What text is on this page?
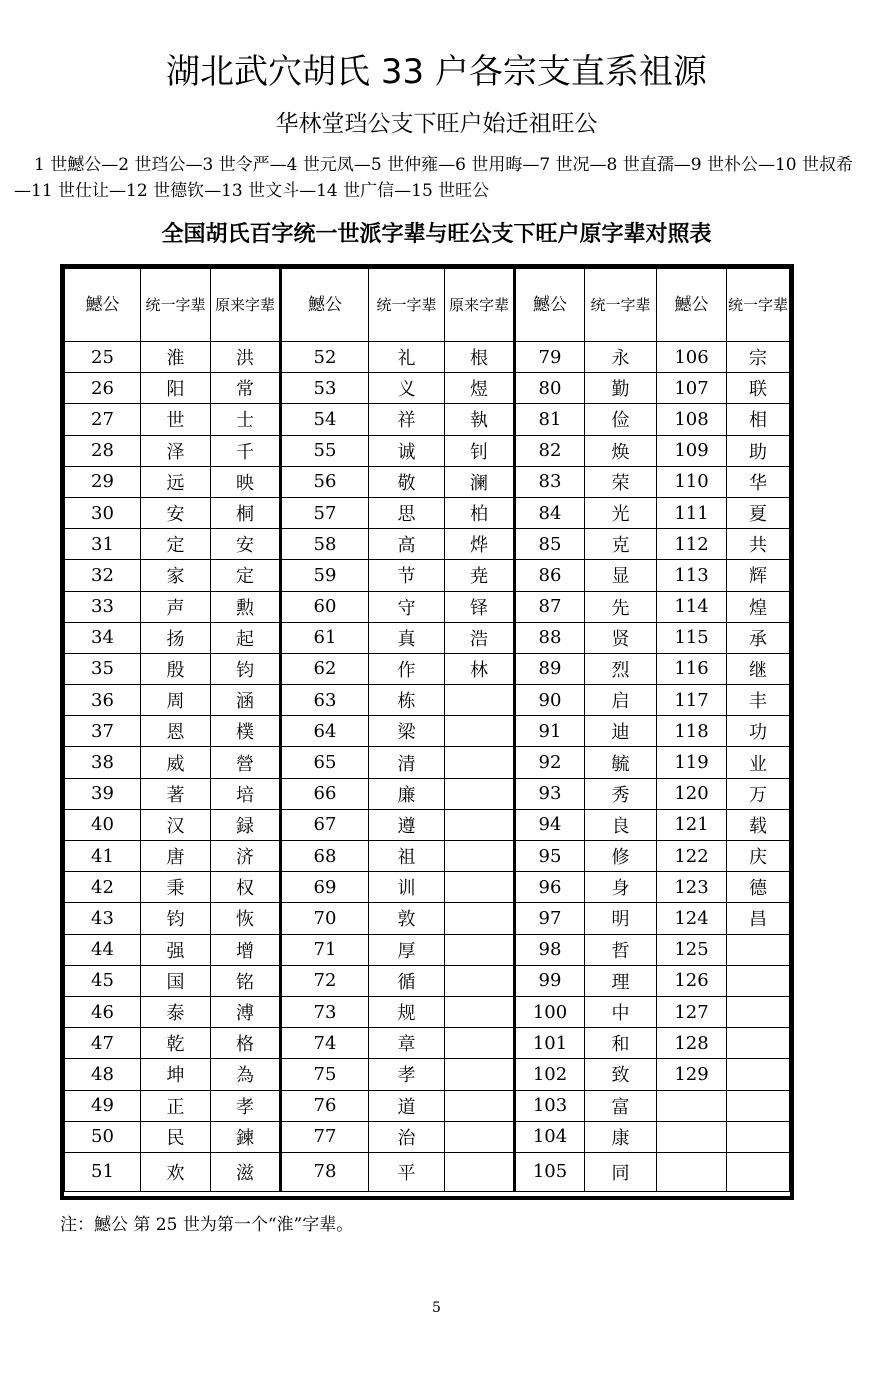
湖北武穴胡氏 33 户各宗支直系祖源
华林堂珰公支下旺户始迁祖旺公
1 世鱤公—2 世珰公—3 世令严—4 世元凤—5 世仲雍—6 世用晦—7 世况—8 世直孺—9 世朴公—10 世叔希—11 世仕让—12 世德钦—13 世文斗—14 世广信—15 世旺公
全国胡氏百字统一世派字辈与旺公支下旺户原字辈对照表
鱤公	统一字辈	原来字辈	鱤公	统一字辈	原来字辈	鱤公	统一字辈	鱤公	统一字辈
25	淮	洪	52	礼	根	79	永	106	宗
26	阳	常	53	义	煜	80	勤	107	联
27	世	士	54	祥	執	81	俭	108	相
28	泽	千	55	诚	钊	82	焕	109	助
29	远	映	56	敬	澜	83	荣	110	华
30	安	桐	57	思	柏	84	光	111	夏
31	定	安	58	高	烨	85	克	112	共
32	家	定	59	节	尭	86	显	113	辉
33	声	勲	60	守	铎	87	先	114	煌
34	扬	起	61	真	浩	88	贤	115	承
35	殷	钧	62	作	林	89	烈	116	继
36	周	涵	63	栋		90	启	117	丰
37	恩	樸	64	梁		91	迪	118	功
38	威	營	65	清		92	毓	119	业
39	著	培	66	廉		93	秀	120	万
40	汉	録	67	遵		94	良	121	载
41	唐	济	68	祖		95	修	122	庆
42	秉	权	69	训		96	身	123	德
43	钧	恢	70	敦		97	明	124	昌
44	强	增	71	厚		98	哲	125	
45	国	铭	72	循		99	理	126	
46	泰	溥	73	规		100	中	127	
47	乾	格	74	章		101	和	128	
48	坤	為	75	孝		102	致	129	
49	正	孝	76	道		103	富		
50	民	鍊	77	治		104	康		
51	欢	滋	78	平		105	同		
注：鱤公 第 25 世为第一个“淮”字辈。
5
